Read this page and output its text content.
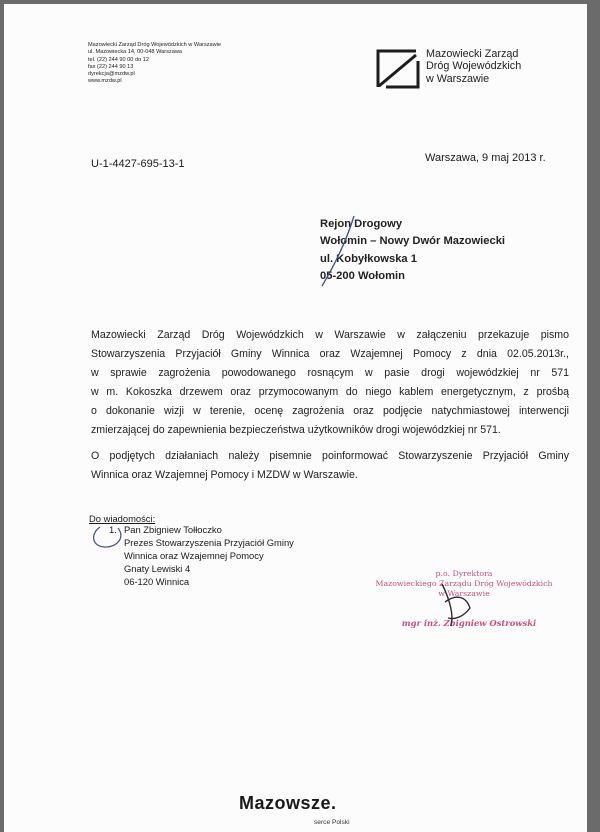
Mazowiecki Zarząd Dróg Wojewódzkich w Warszawie
ul. Mazowiecka 14, 00-048 Warszawa
tel. (22) 244 90 00 do 12
fax (22) 244 90 13
dyrekcja@mzdw.pl
www.mzdw.pl
Mazowiecki Zarząd
Dróg Wojewódzkich
w Warszawie
Warszawa, 9 maj 2013 r.
U-1-4427-695-13-1
Rejon Drogowy
Wołomin – Nowy Dwór Mazowiecki
ul. Kobyłkowska 1
05-200 Wołomin
Mazowiecki Zarząd Dróg Wojewódzkich w Warszawie w załączeniu przekazuje pismo
Stowarzyszenia Przyjaciół Gminy Winnica oraz Wzajemnej Pomocy z dnia 02.05.2013r.,
w sprawie zagrożenia powodowanego rosnącym w pasie drogi wojewódzkiej nr 571
w m. Kokoszka drzewem oraz przymocowanym do niego kablem energetycznym, z prośbą
o dokonanie wizji w terenie, ocenę zagrożenia oraz podjęcie natychmiastowej interwencji
zmierzającej do zapewnienia bezpieczeństwa użytkowników drogi wojewódzkiej nr 571.
O podjętych działaniach należy pisemnie poinformować Stowarzyszenie Przyjaciół Gminy
Winnica oraz Wzajemnej Pomocy i MZDW w Warszawie.
Do wiadomości:
1. Pan Zbigniew Tołłoczko
Prezes Stowarzyszenia Przyjaciół Gminy
Winnica oraz Wzajemnej Pomocy
Gnaty Lewiski 4
06-120 Winnica
p.o. Dyrektora
Mazowieckiego Zarządu Dróg Wojewódzkich
w Warszawie
mgr inż. Zbigniew Ostrowski
Mazowsze.
serce Polski
